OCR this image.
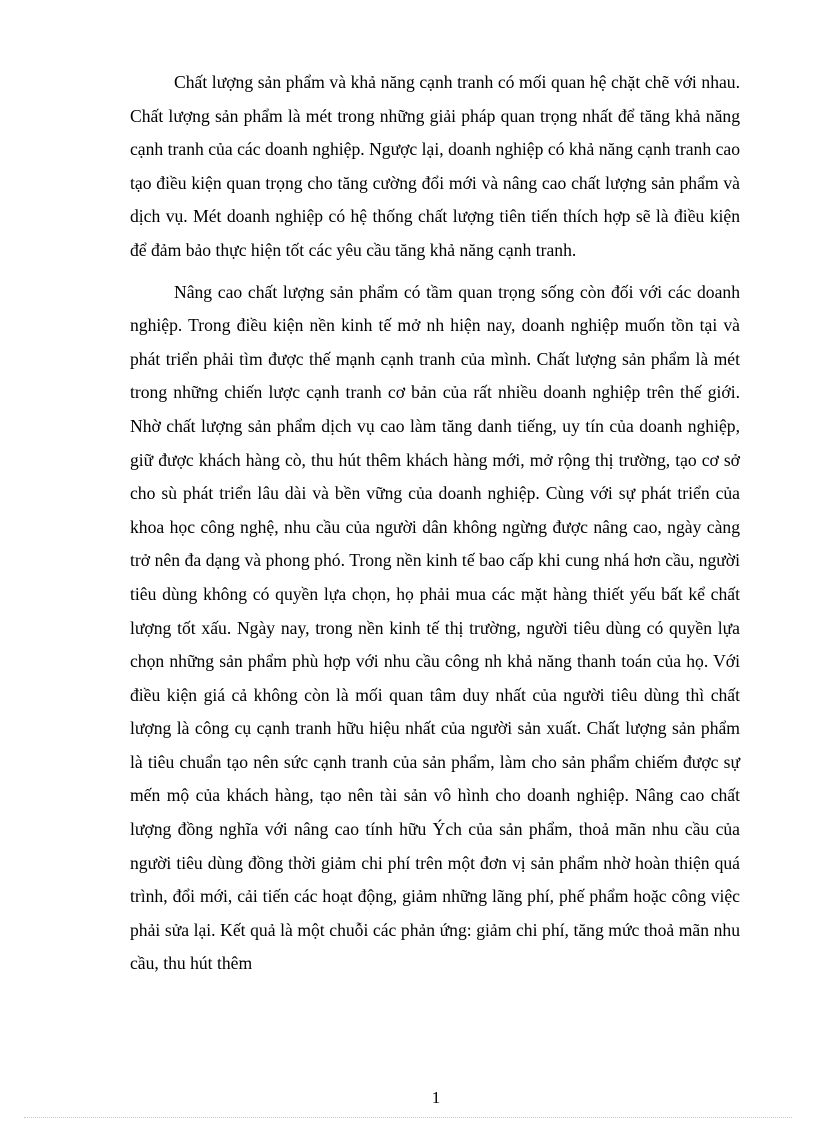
Chất lượng sản phẩm và khả năng cạnh tranh có mối quan hệ chặt chẽ với nhau. Chất lượng sản phẩm là mét trong những giải pháp quan trọng nhất để tăng khả năng cạnh tranh của các doanh nghiệp. Ngược lại, doanh nghiệp có khả năng cạnh tranh cao tạo điều kiện quan trọng cho tăng cường đổi mới và nâng cao chất lượng sản phẩm và dịch vụ. Mét doanh nghiệp có hệ thống chất lượng tiên tiến thích hợp sẽ là điều kiện để đảm bảo thực hiện tốt các yêu cầu tăng khả năng cạnh tranh.

Nâng cao chất lượng sản phẩm có tầm quan trọng sống còn đối với các doanh nghiệp. Trong điều kiện nền kinh tế mở nh hiện nay, doanh nghiệp muốn tồn tại và phát triển phải tìm được thế mạnh cạnh tranh của mình. Chất lượng sản phẩm là mét trong những chiến lược cạnh tranh cơ bản của rất nhiều doanh nghiệp trên thế giới. Nhờ chất lượng sản phẩm dịch vụ cao làm tăng danh tiếng, uy tín của doanh nghiệp, giữ được khách hàng cò, thu hút thêm khách hàng mới, mở rộng thị trường, tạo cơ sở cho sù phát triển lâu dài và bền vững của doanh nghiệp. Cùng với sự phát triển của khoa học công nghệ, nhu cầu của người dân không ngừng được nâng cao, ngày càng trở nên đa dạng và phong phó. Trong nền kinh tế bao cấp khi cung nhá hơn cầu, người tiêu dùng không có quyền lựa chọn, họ phải mua các mặt hàng thiết yếu bất kể chất lượng tốt xấu. Ngày nay, trong nền kinh tế thị trường, người tiêu dùng có quyền lựa chọn những sản phẩm phù hợp với nhu cầu công nh khả năng thanh toán của họ. Với điều kiện giá cả không còn là mối quan tâm duy nhất của người tiêu dùng thì chất lượng là công cụ cạnh tranh hữu hiệu nhất của người sản xuất. Chất lượng sản phẩm là tiêu chuẩn tạo nên sức cạnh tranh của sản phẩm, làm cho sản phẩm chiếm được sự mến mộ của khách hàng, tạo nên tài sản vô hình cho doanh nghiệp. Nâng cao chất lượng đồng nghĩa với nâng cao tính hữu Ých của sản phẩm, thoả mãn nhu cầu của người tiêu dùng đồng thời giảm chi phí trên một đơn vị sản phẩm nhờ hoàn thiện quá trình, đổi mới, cải tiến các hoạt động, giảm những lãng phí, phế phẩm hoặc công việc phải sửa lại. Kết quả là một chuỗi các phản ứng: giảm chi phí, tăng mức thoả mãn nhu cầu, thu hút thêm

1
